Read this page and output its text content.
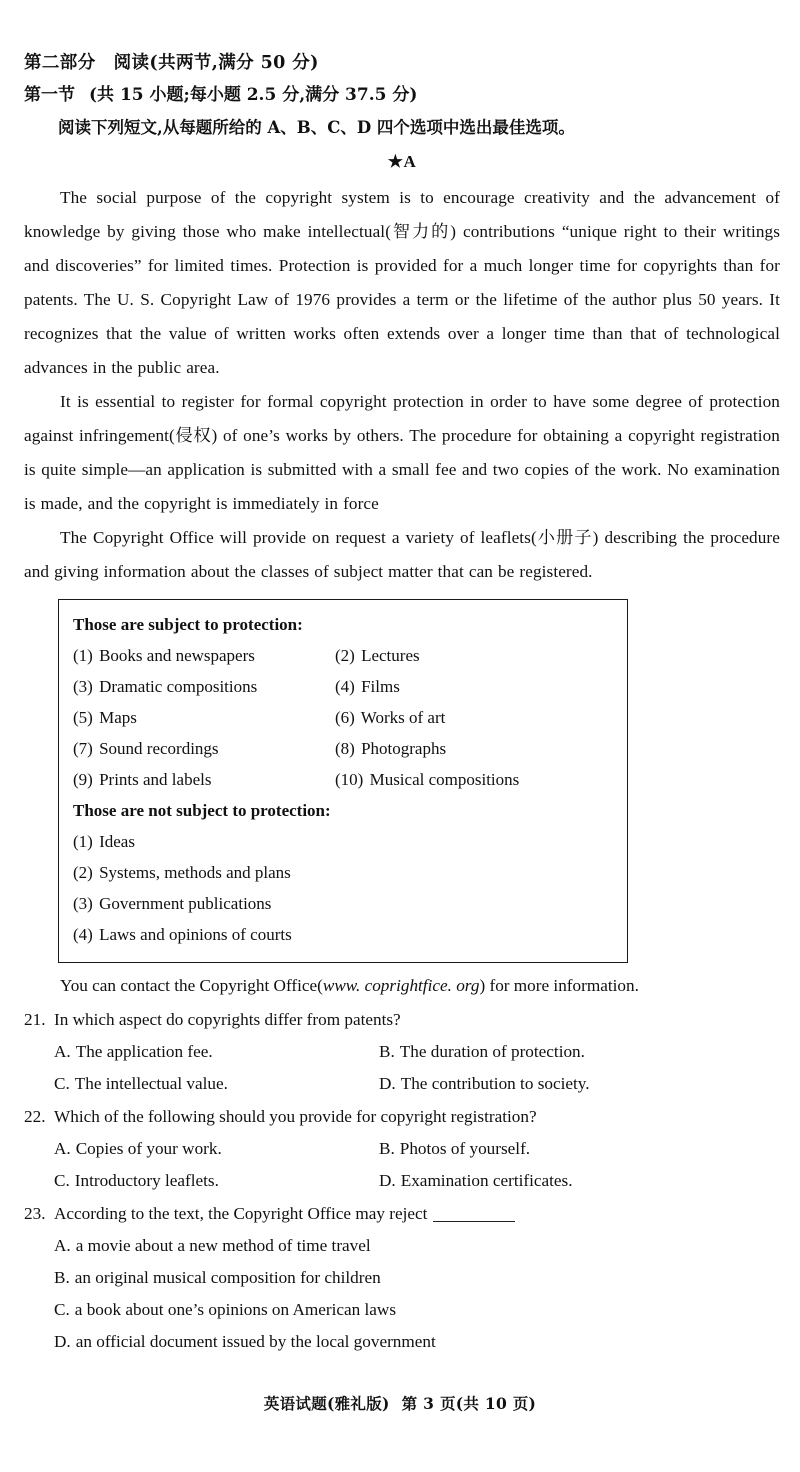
第二部分 阅读(共两节,满分 50 分)
第一节 (共 15 小题;每小题 2.5 分,满分 37.5 分)
阅读下列短文,从每题所给的 A、B、C、D 四个选项中选出最佳选项。
★A

The social purpose of the copyright system is to encourage creativity and the advancement of knowledge by giving those who make intellectual(智力的) contributions “unique right to their writings and discoveries” for limited times. Protection is provided for a much longer time for copyrights than for patents. The U. S. Copyright Law of 1976 provides a term or the lifetime of the author plus 50 years. It recognizes that the value of written works often extends over a longer time than that of technological advances in the public area.

It is essential to register for formal copyright protection in order to have some degree of protection against infringement(侵权) of one’s works by others. The procedure for obtaining a copyright registration is quite simple—an application is submitted with a small fee and two copies of the work. No examination is made, and the copyright is immediately in force

The Copyright Office will provide on request a variety of leaflets(小册子) describing the procedure and giving information about the classes of subject matter that can be registered.

Those are subject to protection:
(1) Books and newspapers	(2) Lectures
(3) Dramatic compositions	(4) Films
(5) Maps	(6) Works of art
(7) Sound recordings	(8) Photographs
(9) Prints and labels	(10) Musical compositions
Those are not subject to protection:
(1) Ideas
(2) Systems, methods and plans
(3) Government publications
(4) Laws and opinions of courts

You can contact the Copyright Office(www. coprightfice. org) for more information.

21. In which aspect do copyrights differ from patents?
A. The application fee.	B. The duration of protection.
C. The intellectual value.	D. The contribution to society.
22. Which of the following should you provide for copyright registration?
A. Copies of your work.	B. Photos of yourself.
C. Introductory leaflets.	D. Examination certificates.
23. According to the text, the Copyright Office may reject
A. a movie about a new method of time travel
B. an original musical composition for children
C. a book about one’s opinions on American laws
D. an official document issued by the local government
英语试题(雅礼版) 第 3 页(共 10 页)
